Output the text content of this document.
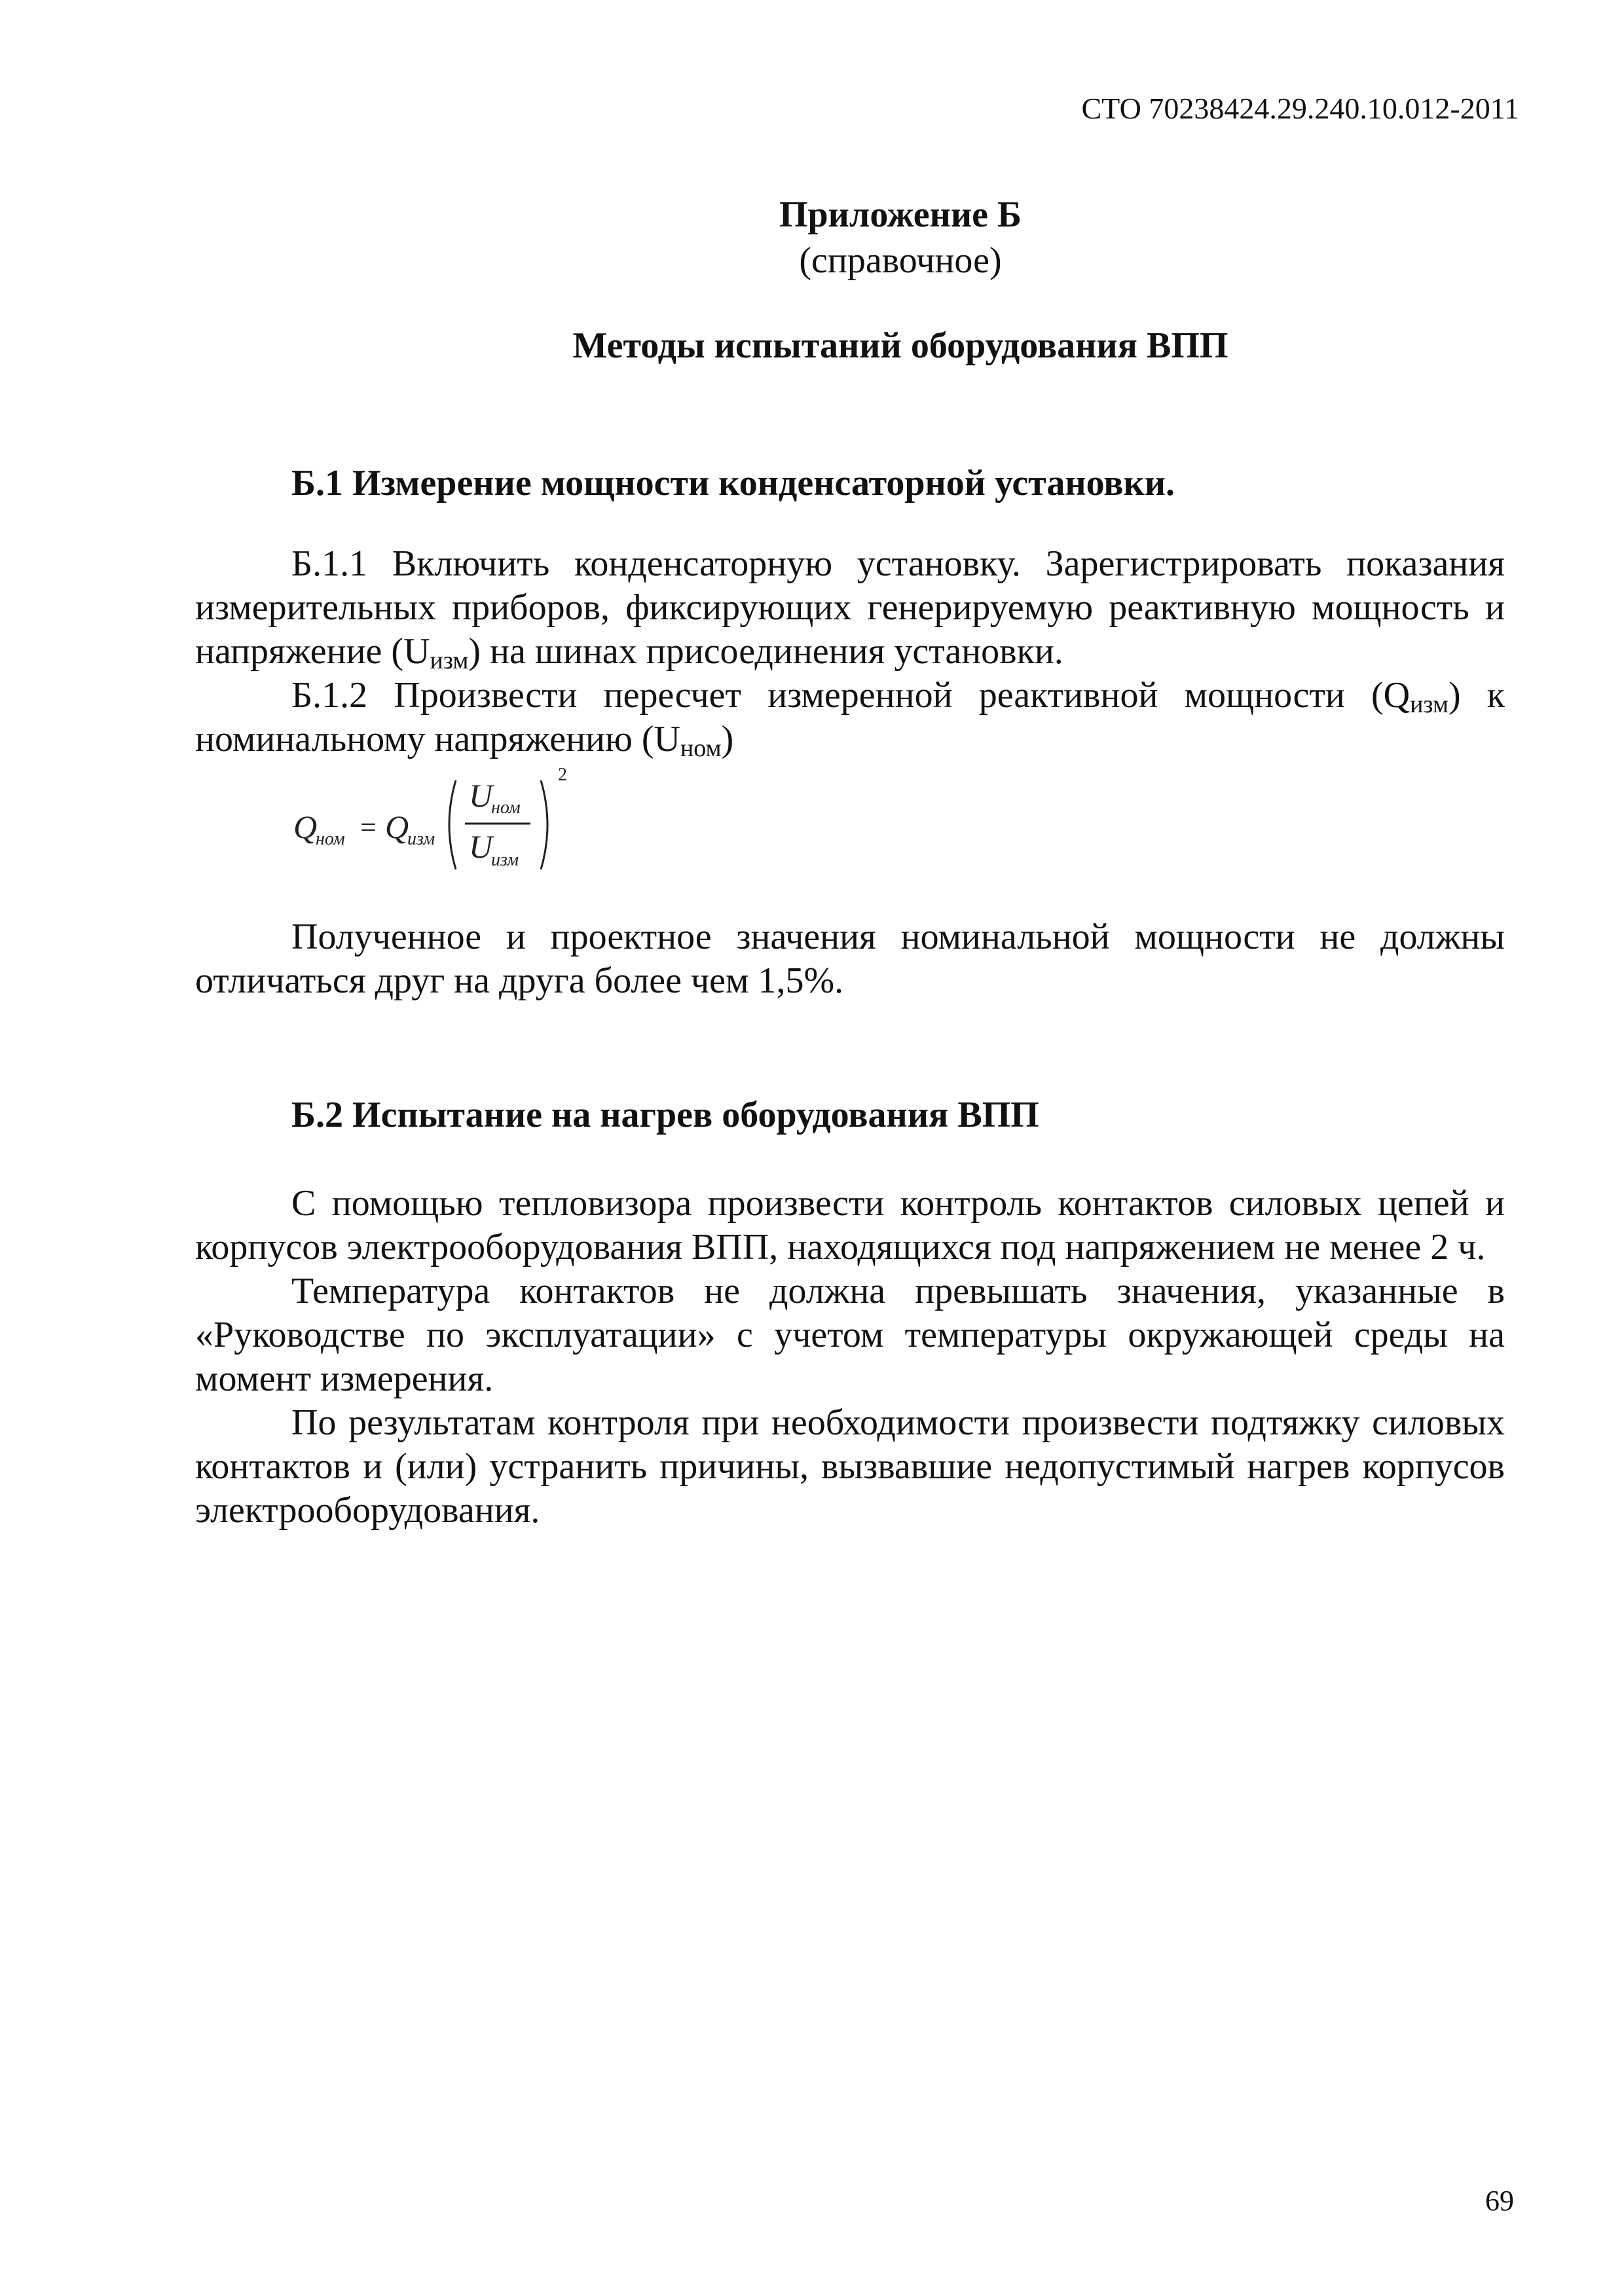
СТО 70238424.29.240.10.012-2011
Приложение Б
(справочное)
Методы испытаний оборудования ВПП
Б.1 Измерение мощности конденсаторной установки.

Б.1.1 Включить конденсаторную установку. Зарегистрировать показания измерительных приборов, фиксирующих генерируемую реактивную мощность и напряжение $(U_{изм})$ на шинах присоединения установки.

Б.1.2 Произвести пересчет измеренной реактивной мощности $(Q_{изм})$ к номинальному напряжению $(U_{ном})$

Q
ном = Q
изм
U
ном
U
изм
2

Полученное и проектное значения номинальной мощности не должны отличаться друг на друга более чем 1,5%.

Б.2 Испытание на нагрев оборудования ВПП

С помощью тепловизора произвести контроль контактов силовых цепей и корпусов электрооборудования ВПП, находящихся под напряжением не менее 2 ч.

Температура контактов не должна превышать значения, указанные в «Руководстве по эксплуатации» с учетом температуры окружающей среды на момент измерения.

По результатам контроля при необходимости произвести подтяжку силовых контактов и (или) устранить причины, вызвавшие недопустимый нагрев корпусов электрооборудования.

69
